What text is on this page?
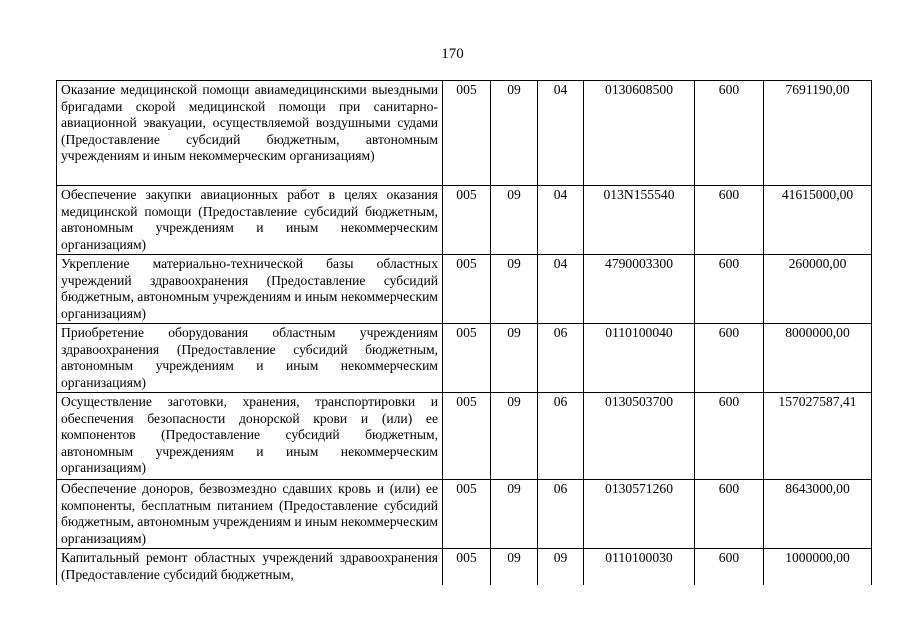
170
Оказание медицинской помощи авиамедицинскими выездными бригадами скорой медицинской помощи при санитарно-авиационной эвакуации, осуществляемой воздушными судами (Предоставление субсидий бюджетным, автономным учреждениям и иным некоммерческим организациям)	005	09	04	0130608500	600	7691190,00
Обеспечение закупки авиационных работ в целях оказания медицинской помощи (Предоставление субсидий бюджетным, автономным учреждениям и иным некоммерческим организациям)	005	09	04	013N155540	600	41615000,00
Укрепление материально-технической базы областных учреждений здравоохранения (Предоставление субсидий бюджетным, автономным учреждениям и иным некоммерческим организациям)	005	09	04	4790003300	600	260000,00
Приобретение оборудования областным учреждениям здравоохранения (Предоставление субсидий бюджетным, автономным учреждениям и иным некоммерческим организациям)	005	09	06	0110100040	600	8000000,00
Осуществление заготовки, хранения, транспортировки и обеспечения безопасности донорской крови и (или) ее компонентов (Предоставление субсидий бюджетным, автономным учреждениям и иным некоммерческим организациям)	005	09	06	0130503700	600	157027587,41
Обеспечение доноров, безвозмездно сдавших кровь и (или) ее компоненты, бесплатным питанием (Предоставление субсидий бюджетным, автономным учреждениям и иным некоммерческим организациям)	005	09	06	0130571260	600	8643000,00
Капитальный ремонт областных учреждений здравоохранения (Предоставление субсидий бюджетным,	005	09	09	0110100030	600	1000000,00
